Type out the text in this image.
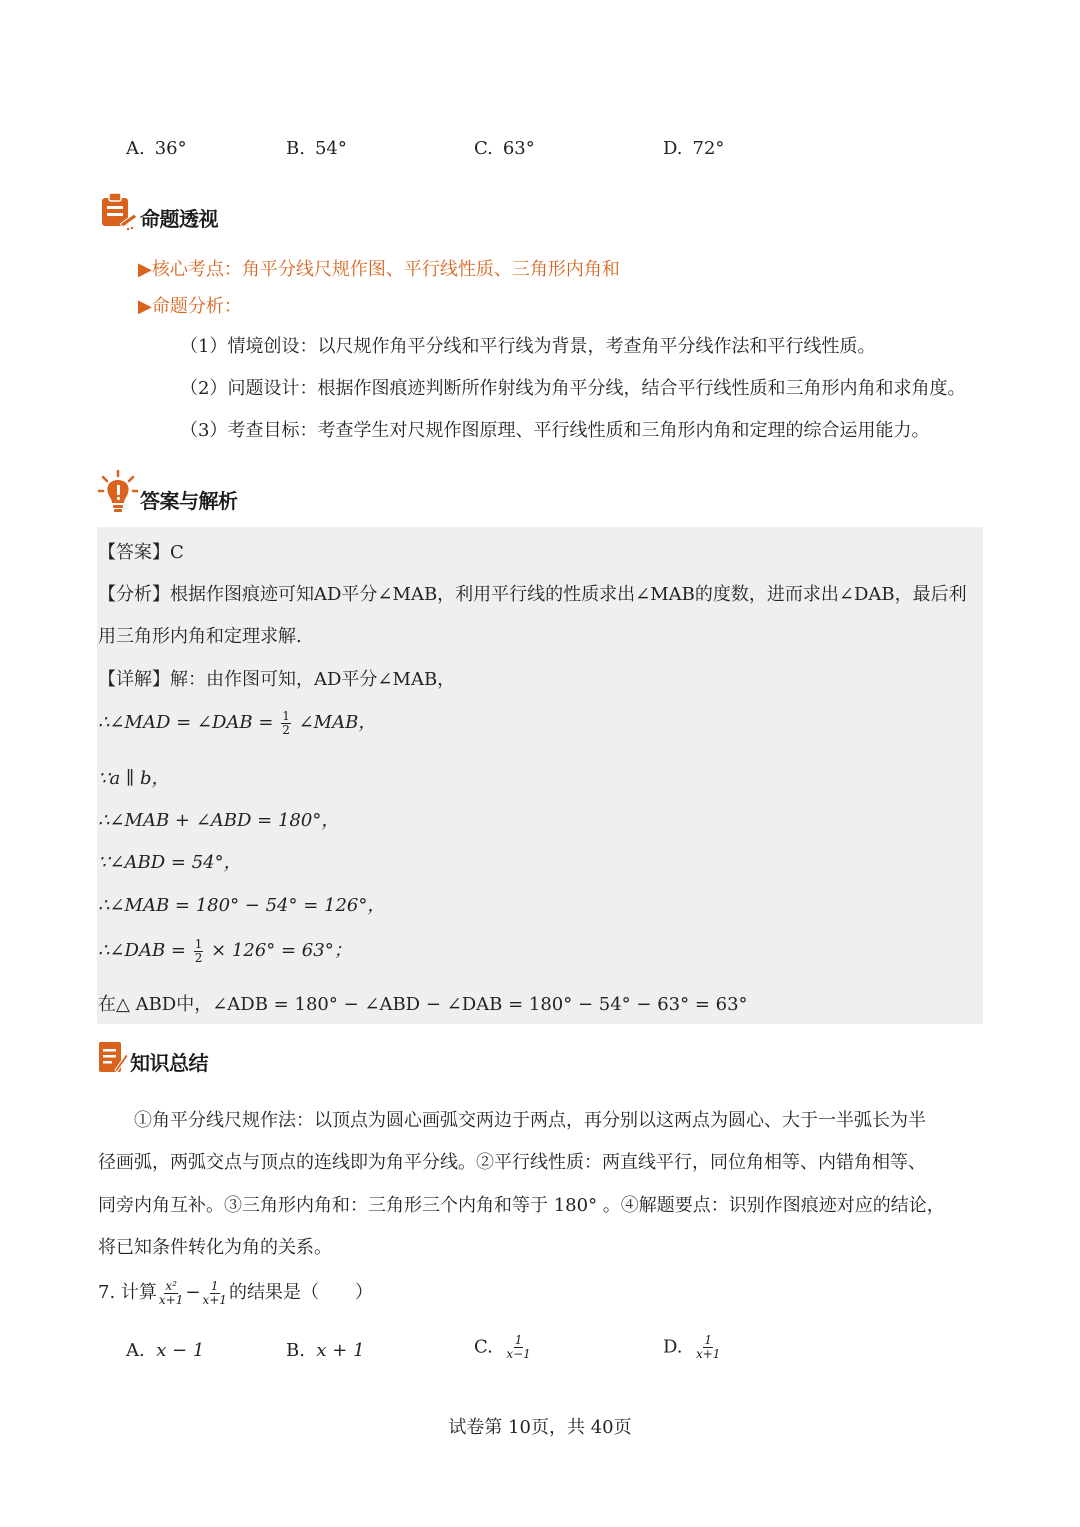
A. 36°	B. 54°	C. 63°	D. 72°
命题透视
▶核心考点：角平分线尺规作图、平行线性质、三角形内角和
▶命题分析：
（1）情境创设：以尺规作角平分线和平行线为背景，考查角平分线作法和平行线性质。
（2）问题设计：根据作图痕迹判断所作射线为角平分线，结合平行线性质和三角形内角和求角度。
（3）考查目标：考查学生对尺规作图原理、平行线性质和三角形内角和定理的综合运用能力。
答案与解析
【答案】C
【分析】根据作图痕迹可知AD平分∠MAB，利用平行线的性质求出∠MAB的度数，进而求出∠DAB，最后利
用三角形内角和定理求解.
【详解】解：由作图可知，AD平分∠MAB，
∴∠MAD = ∠DAB = $\frac{1}{2}$ ∠MAB，
∵a ∥ b，
∴∠MAB + ∠ABD = 180°，
∵∠ABD = 54°，
∴∠MAB = 180° − 54° = 126°，
∴∠DAB = $\frac{1}{2} \times 126^\circ = 63^\circ$；
在△ ABD中，∠ADB = 180° − ∠ABD − ∠DAB = 180° − 54° − 63° = 63°
知识总结
①角平分线尺规作法：以顶点为圆心画弧交两边于两点，再分别以这两点为圆心、大于一半弧长为半
径画弧，两弧交点与顶点的连线即为角平分线。②平行线性质：两直线平行，同位角相等、内错角相等、
同旁内角互补。③三角形内角和：三角形三个内角和等于 180° 。④解题要点：识别作图痕迹对应的结论，
将已知条件转化为角的关系。
7. 计算 $\frac{\text{x²}}{x+1} - \frac{1}{x+1}$ 的结果是（　　）
A. x − 1	B. x + 1	C. $\frac{1}{x-1}$	D. $\frac{1}{x+1}$
试卷第 10页，共 40页
